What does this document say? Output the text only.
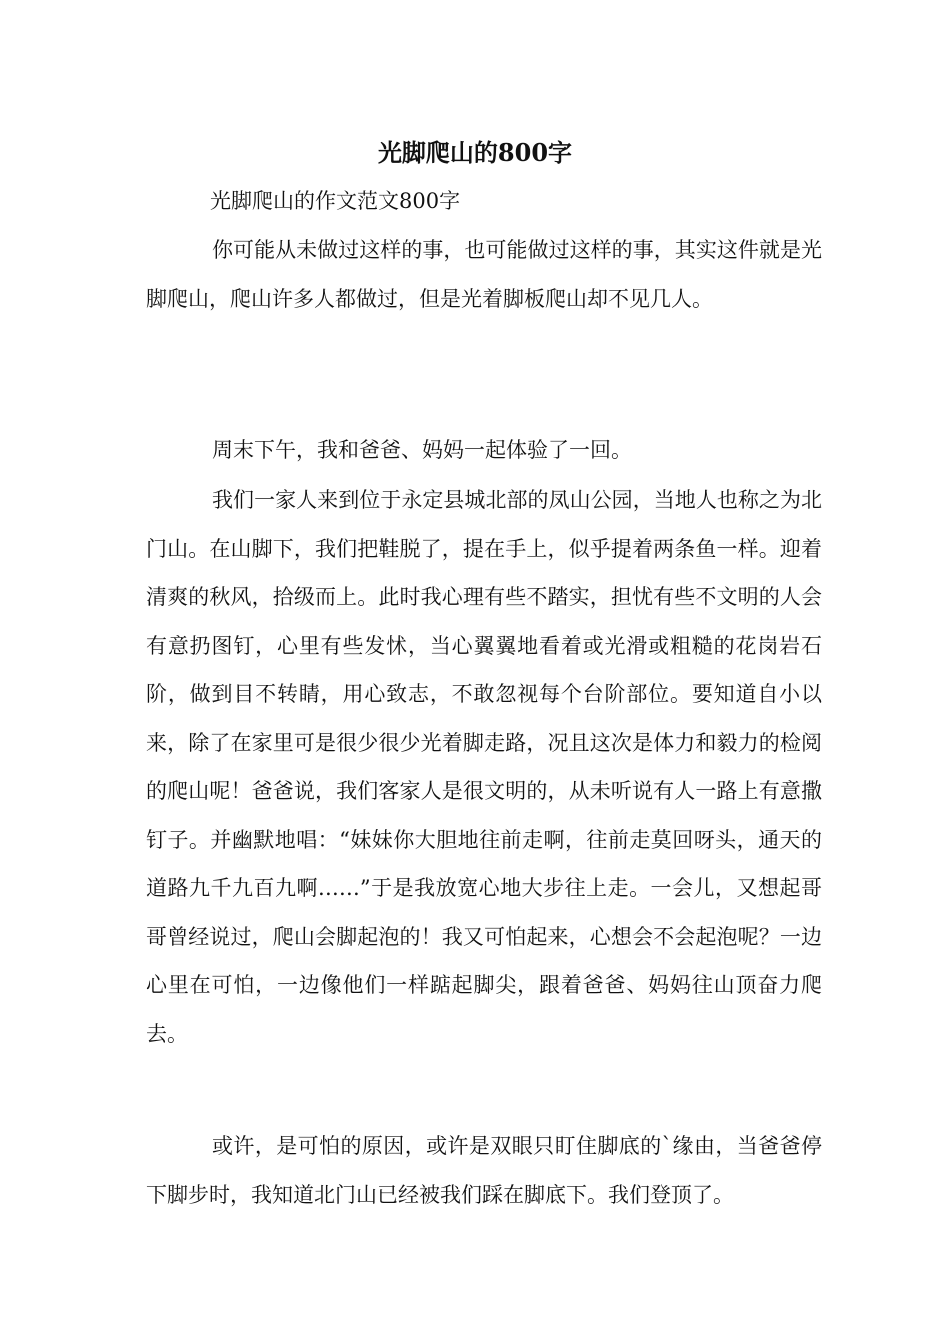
光脚爬山的800字

光脚爬山的作文范文800字

你可能从未做过这样的事，也可能做过这样的事，其实这件就是光脚爬山，爬山许多人都做过，但是光着脚板爬山却不见几人。

周末下午，我和爸爸、妈妈一起体验了一回。

我们一家人来到位于永定县城北部的凤山公园，当地人也称之为北门山。在山脚下，我们把鞋脱了，提在手上，似乎提着两条鱼一样。迎着清爽的秋风，拾级而上。此时我心理有些不踏实，担忧有些不文明的人会有意扔图钉，心里有些发怵，当心翼翼地看着或光滑或粗糙的花岗岩石阶，做到目不转睛，用心致志，不敢忽视每个台阶部位。要知道自小以来，除了在家里可是很少很少光着脚走路，况且这次是体力和毅力的检阅的爬山呢！爸爸说，我们客家人是很文明的，从未听说有人一路上有意撒钉子。并幽默地唱：“妹妹你大胆地往前走啊，往前走莫回呀头，通天的道路九千九百九啊……”于是我放宽心地大步往上走。一会儿，又想起哥哥曾经说过，爬山会脚起泡的！我又可怕起来，心想会不会起泡呢？一边心里在可怕，一边像他们一样踮起脚尖，跟着爸爸、妈妈往山顶奋力爬去。

或许，是可怕的原因，或许是双眼只盯住脚底的`缘由，当爸爸停下脚步时，我知道北门山已经被我们踩在脚底下。我们登顶了。
